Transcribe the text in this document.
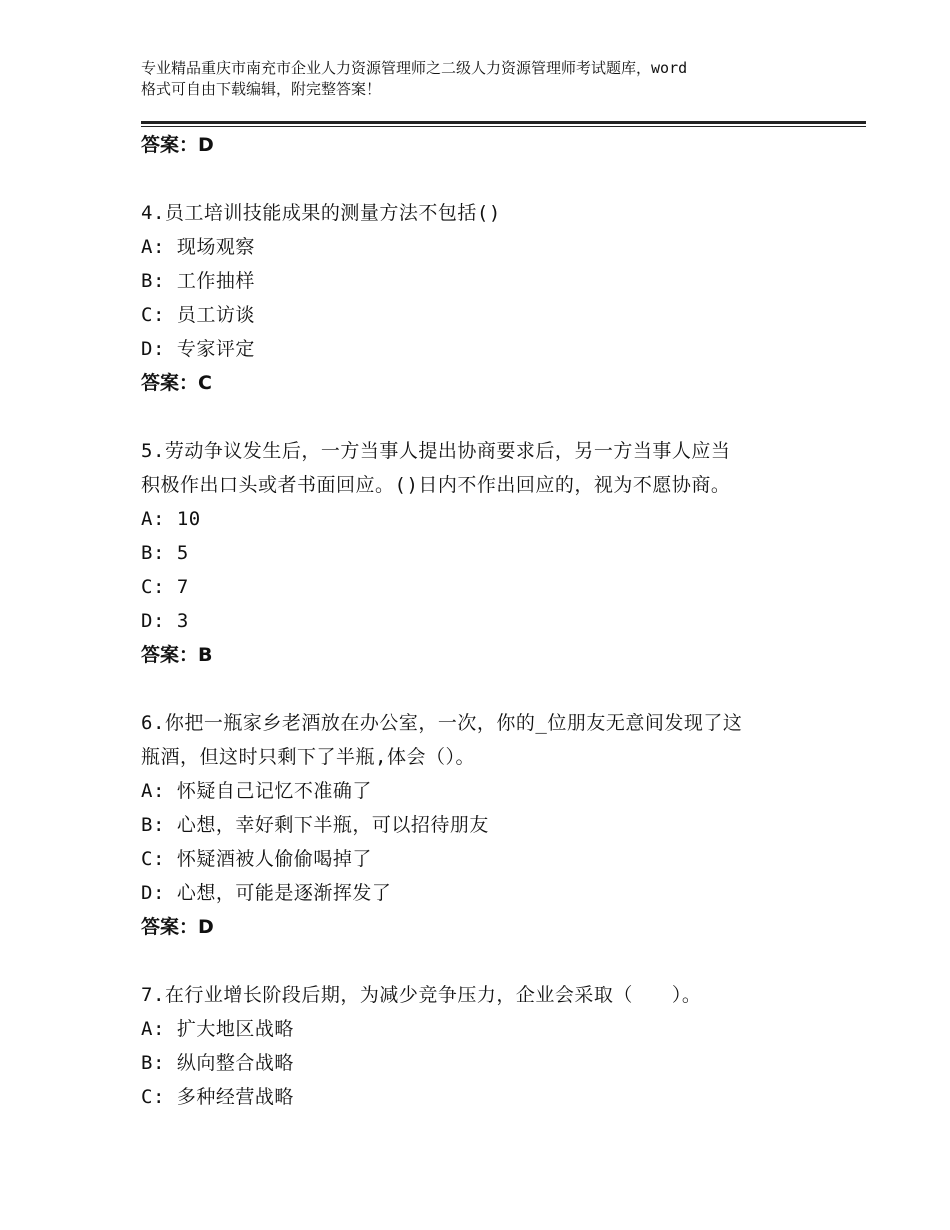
专业精品重庆市南充市企业人力资源管理师之二级人力资源管理师考试题库，word
格式可自由下载编辑，附完整答案！
答案：D
4.员工培训技能成果的测量方法不包括()
A: 现场观察
B: 工作抽样
C: 员工访谈
D: 专家评定
答案：C
5.劳动争议发生后，一方当事人提出协商要求后，另一方当事人应当
积极作出口头或者书面回应。()日内不作出回应的，视为不愿协商。
A: 10
B: 5
C: 7
D: 3
答案：B
6.你把一瓶家乡老酒放在办公室，一次，你的_位朋友无意间发现了这
瓶酒，但这时只剩下了半瓶,体会（）。
A: 怀疑自己记忆不准确了
B: 心想，幸好剩下半瓶，可以招待朋友
C: 怀疑酒被人偷偷喝掉了
D: 心想，可能是逐渐挥发了
答案：D
7.在行业增长阶段后期，为减少竞争压力，企业会采取（　　）。
A: 扩大地区战略
B: 纵向整合战略
C: 多种经营战略
